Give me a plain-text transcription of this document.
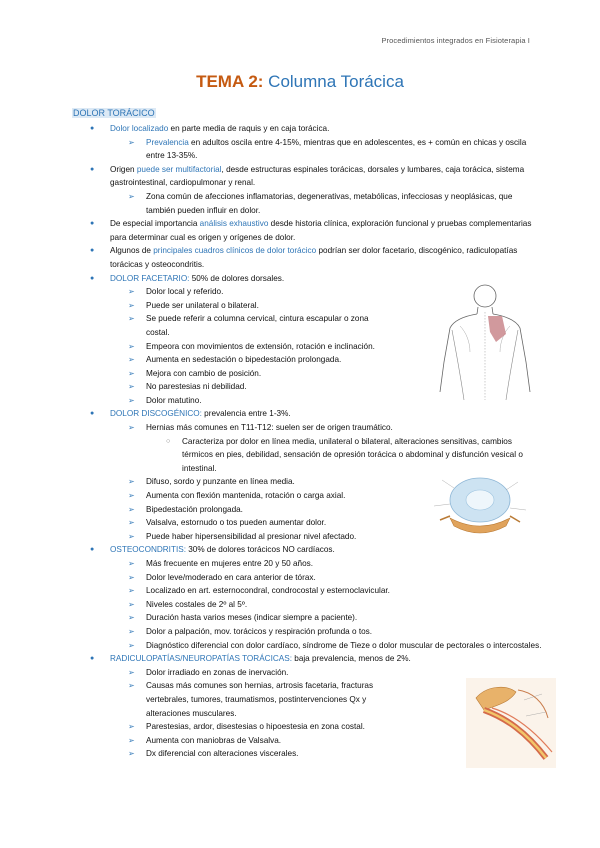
Procedimientos integrados en Fisioterapia I
TEMA 2: Columna Torácica
DOLOR TORÁCICO
● Dolor localizado en parte media de raquis y en caja torácica.
➢ Prevalencia en adultos oscila entre 4-15%, mientras que en adolescentes, es + común en chicas y oscila entre 13-35%.
● Origen puede ser multifactorial, desde estructuras espinales torácicas, dorsales y lumbares, caja torácica, sistema gastrointestinal, cardiopulmonar y renal.
➢ Zona común de afecciones inflamatorias, degenerativas, metabólicas, infecciosas y neoplásicas, que también pueden influir en dolor.
● De especial importancia análisis exhaustivo desde historia clínica, exploración funcional y pruebas complementarias para determinar cual es origen y orígenes de dolor.
● Algunos de principales cuadros clínicos de dolor torácico podrían ser dolor facetario, discogénico, radiculopatías torácicas y osteocondritis.
● DOLOR FACETARIO: 50% de dolores dorsales.
➢ Dolor local y referido.
➢ Puede ser unilateral o bilateral.
➢ Se puede referir a columna cervical, cintura escapular o zona costal.
➢ Empeora con movimientos de extensión, rotación e inclinación.
➢ Aumenta en sedestación o bipedestación prolongada.
➢ Mejora con cambio de posición.
➢ No parestesias ni debilidad.
➢ Dolor matutino.
● DOLOR DISCOGÉNICO: prevalencia entre 1-3%.
➢ Hernias más comunes en T11-T12: suelen ser de origen traumático.
○ Caracteriza por dolor en línea media, unilateral o bilateral, alteraciones sensitivas, cambios térmicos en pies, debilidad, sensación de opresión torácica o abdominal y disfunción vesical o intestinal.
➢ Difuso, sordo y punzante en línea media.
➢ Aumenta con flexión mantenida, rotación o carga axial.
➢ Bipedestación prolongada.
➢ Valsalva, estornudo o tos pueden aumentar dolor.
➢ Puede haber hipersensibilidad al presionar nivel afectado.
● OSTEOCONDRITIS: 30% de dolores torácicos NO cardíacos.
➢ Más frecuente en mujeres entre 20 y 50 años.
➢ Dolor leve/moderado en cara anterior de tórax.
➢ Localizado en art. esternocondral, condrocostal y esternoclavicular.
➢ Niveles costales de 2º al 5º.
➢ Duración hasta varios meses (indicar siempre a paciente).
➢ Dolor a palpación, mov. torácicos y respiración profunda o tos.
➢ Diagnóstico diferencial con dolor cardíaco, síndrome de Tieze o dolor muscular de pectorales o intercostales.
● RADICULOPATÍAS/NEUROPATÍAS TORÁCICAS: baja prevalencia, menos de 2%.
➢ Dolor irradiado en zonas de inervación.
➢ Causas más comunes son hernias, artrosis facetaria, fracturas vertebrales, tumores, traumatismos, postintervenciones Qx y alteraciones musculares.
➢ Parestesias, ardor, disestesias o hipoestesia en zona costal.
➢ Aumenta con maniobras de Valsalva.
➢ Dx diferencial con alteraciones viscerales.
